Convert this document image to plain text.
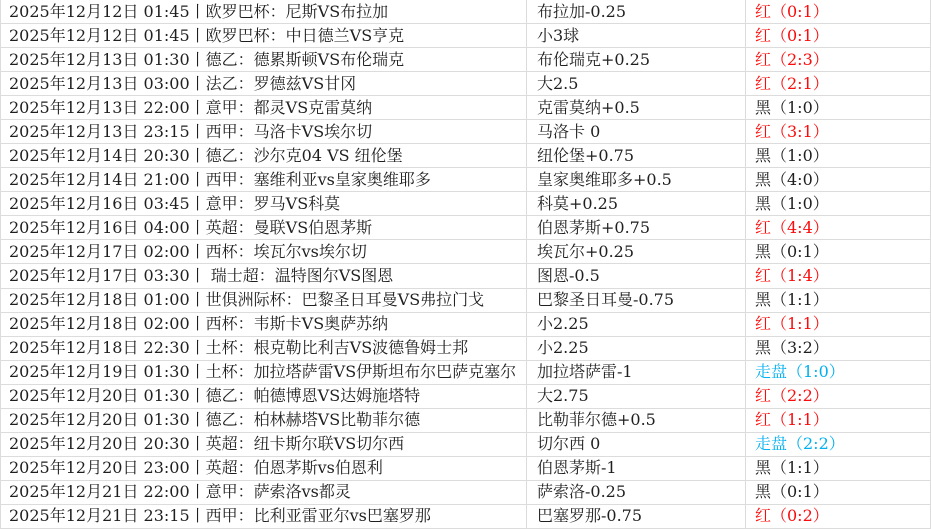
2025年12月12日 01:45丨欧罗巴杯：尼斯VS布拉加	布拉加-0.25	红（0:1）
2025年12月12日 01:45丨欧罗巴杯：中日德兰VS亨克	小3球	红（0:1）
2025年12月13日 01:30丨德乙：德累斯顿VS布伦瑞克	布伦瑞克+0.25	红（2:3）
2025年12月13日 03:00丨法乙：罗德兹VS甘冈	大2.5	红（2:1）
2025年12月13日 22:00丨意甲：都灵VS克雷莫纳	克雷莫纳+0.5	黑（1:0）
2025年12月13日 23:15丨西甲：马洛卡VS埃尔切	马洛卡 0	红（3:1）
2025年12月14日 20:30丨德乙：沙尔克04 VS 纽伦堡	纽伦堡+0.75	黑（1:0）
2025年12月14日 21:00丨西甲：塞维利亚vs皇家奥维耶多	皇家奥维耶多+0.5	黑（4:0）
2025年12月16日 03:45丨意甲：罗马VS科莫	科莫+0.25	黑（1:0）
2025年12月16日 04:00丨英超：曼联VS伯恩茅斯	伯恩茅斯+0.75	红（4:4）
2025年12月17日 02:00丨西杯：埃瓦尔vs埃尔切	埃瓦尔+0.25	黑（0:1）
2025年12月17日 03:30丨 瑞士超：温特图尔VS图恩	图恩-0.5	红（1:4）
2025年12月18日 01:00丨世俱洲际杯：巴黎圣日耳曼VS弗拉门戈	巴黎圣日耳曼-0.75	黑（1:1）
2025年12月18日 02:00丨西杯：韦斯卡VS奥萨苏纳	小2.25	红（1:1）
2025年12月18日 22:30丨土杯：根克勒比利吉VS波德鲁姆士邦	小2.25	黑（3:2）
2025年12月19日 01:30丨土杯：加拉塔萨雷VS伊斯坦布尔巴萨克塞尔	加拉塔萨雷-1	走盘（1:0）
2025年12月20日 01:30丨德乙：帕德博恩VS达姆施塔特	大2.75	红（2:2）
2025年12月20日 01:30丨德乙：柏林赫塔VS比勒菲尔德	比勒菲尔德+0.5	红（1:1）
2025年12月20日 20:30丨英超：纽卡斯尔联VS切尔西	切尔西 0	走盘（2:2）
2025年12月20日 23:00丨英超：伯恩茅斯vs伯恩利	伯恩茅斯-1	黑（1:1）
2025年12月21日 22:00丨意甲：萨索洛vs都灵	萨索洛-0.25	黑（0:1）
2025年12月21日 23:15丨西甲：比利亚雷亚尔vs巴塞罗那	巴塞罗那-0.75	红（0:2）
